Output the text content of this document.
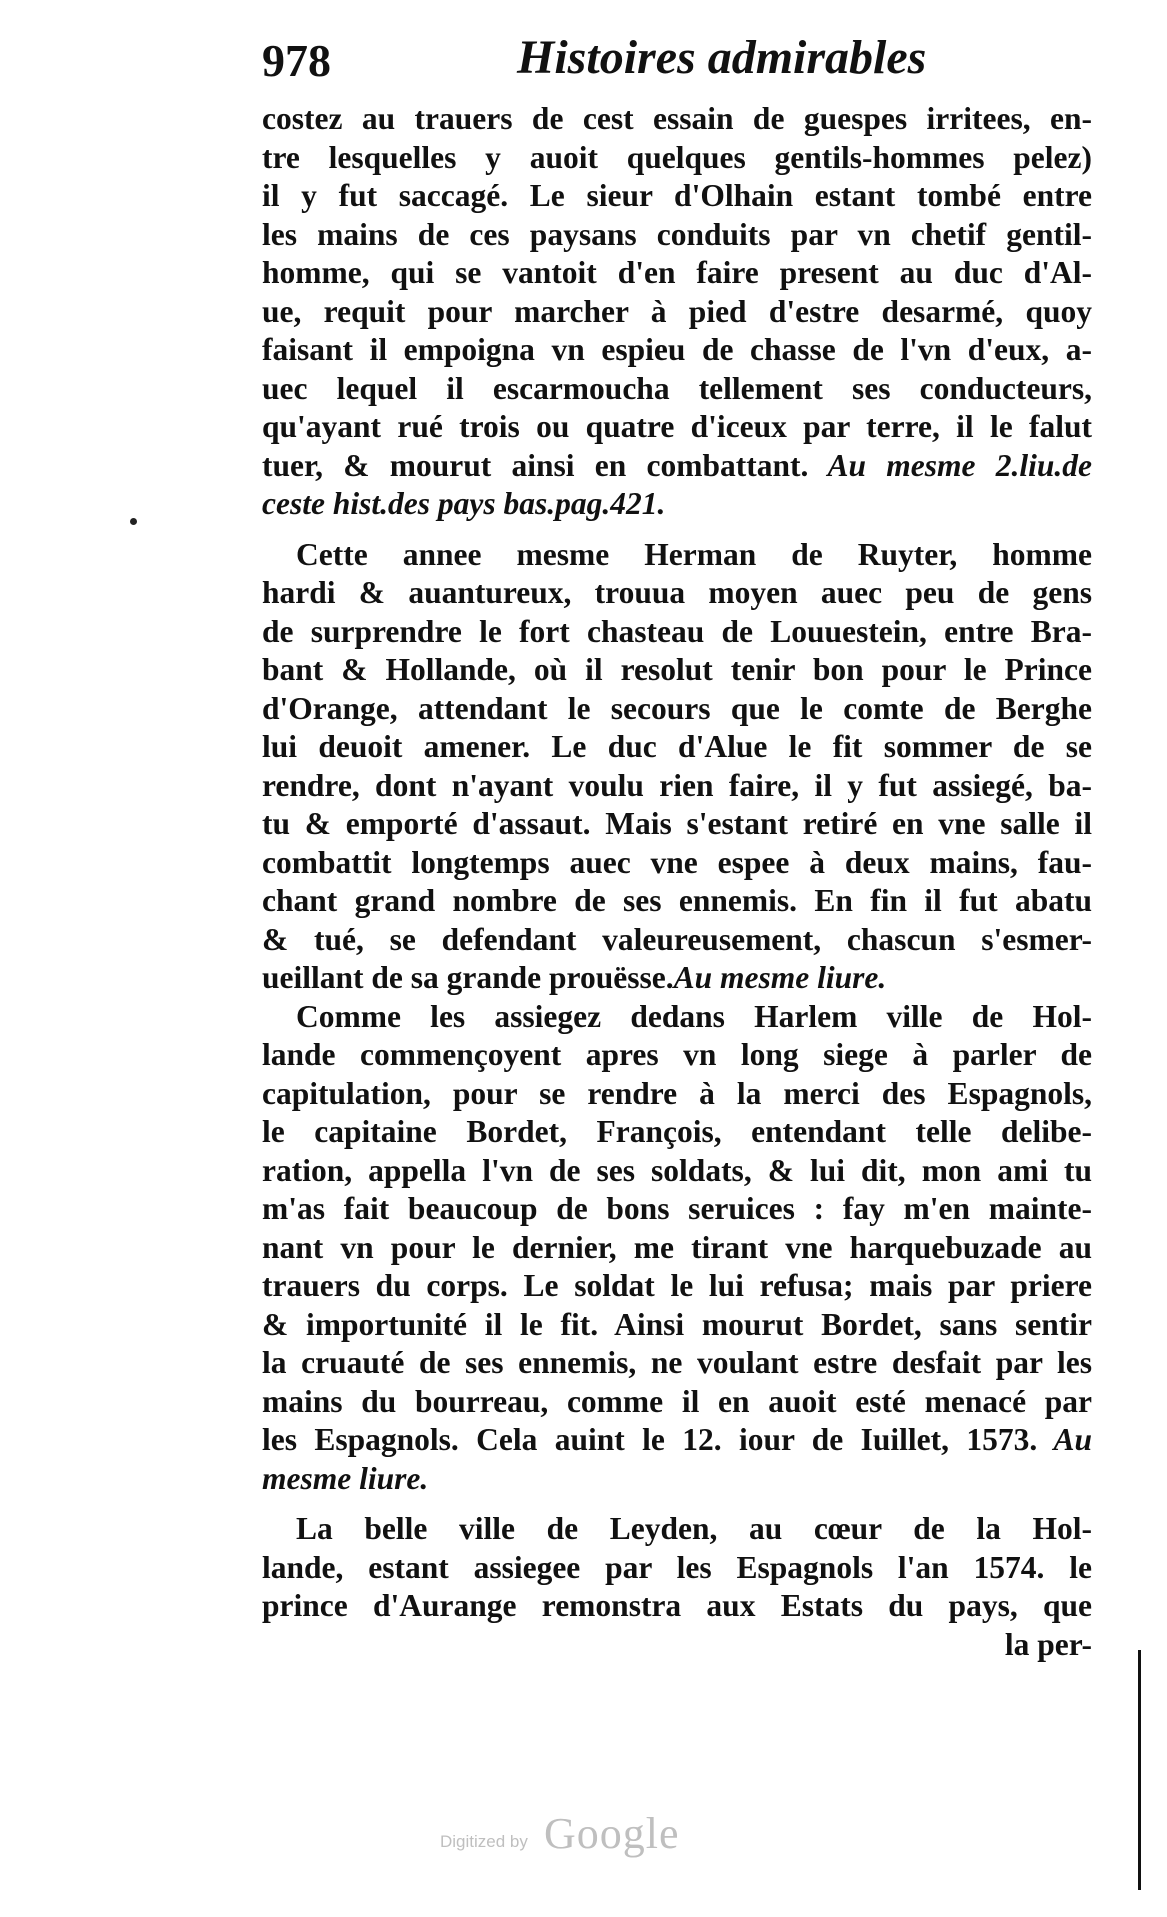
978	Histoires admirables
costez au trauers de cest essain de guespes irritees, en-
tre lesquelles y auoit quelques gentils-hommes pelez)
il y fut saccagé. Le sieur d'Olhain estant tombé entre
les mains de ces paysans conduits par vn chetif gentil-
homme, qui se vantoit d'en faire present au duc d'Al-
ue, requit pour marcher à pied d'estre desarmé, quoy
faisant il empoigna vn espieu de chasse de l'vn d'eux, a-
uec lequel il escarmoucha tellement ses conducteurs,
qu'ayant rué trois ou quatre d'iceux par terre, il le falut
tuer, & mourut ainsi en combattant. Au mesme 2.liu.de
ceste hist.des pays bas.pag.421.
Cette annee mesme Herman de Ruyter, homme
hardi & auantureux, trouua moyen auec peu de gens
de surprendre le fort chasteau de Louuestein, entre Bra-
bant & Hollande, où il resolut tenir bon pour le Prince
d'Orange, attendant le secours que le comte de Berghe
lui deuoit amener. Le duc d'Alue le fit sommer de se
rendre, dont n'ayant voulu rien faire, il y fut assiegé, ba-
tu & emporté d'assaut. Mais s'estant retiré en vne salle il
combattit longtemps auec vne espee à deux mains, fau-
chant grand nombre de ses ennemis. En fin il fut abatu
& tué, se defendant valeureusement, chascun s'esmer-
ueillant de sa grande prouësse.Au mesme liure.
Comme les assiegez dedans Harlem ville de Hol-
lande commençoyent apres vn long siege à parler de
capitulation, pour se rendre à la merci des Espagnols,
le capitaine Bordet, François, entendant telle delibe-
ration, appella l'vn de ses soldats, & lui dit, mon ami tu
m'as fait beaucoup de bons seruices : fay m'en mainte-
nant vn pour le dernier, me tirant vne harquebuzade au
trauers du corps. Le soldat le lui refusa; mais par priere
& importunité il le fit. Ainsi mourut Bordet, sans sentir
la cruauté de ses ennemis, ne voulant estre desfait par les
mains du bourreau, comme il en auoit esté menacé par
les Espagnols. Cela auint le 12. iour de Iuillet, 1573. Au
mesme liure.
La belle ville de Leyden, au cœur de la Hol-
lande, estant assiegee par les Espagnols l'an 1574. le
prince d'Aurange remonstra aux Estats du pays, que
la per-
Digitized by Google
